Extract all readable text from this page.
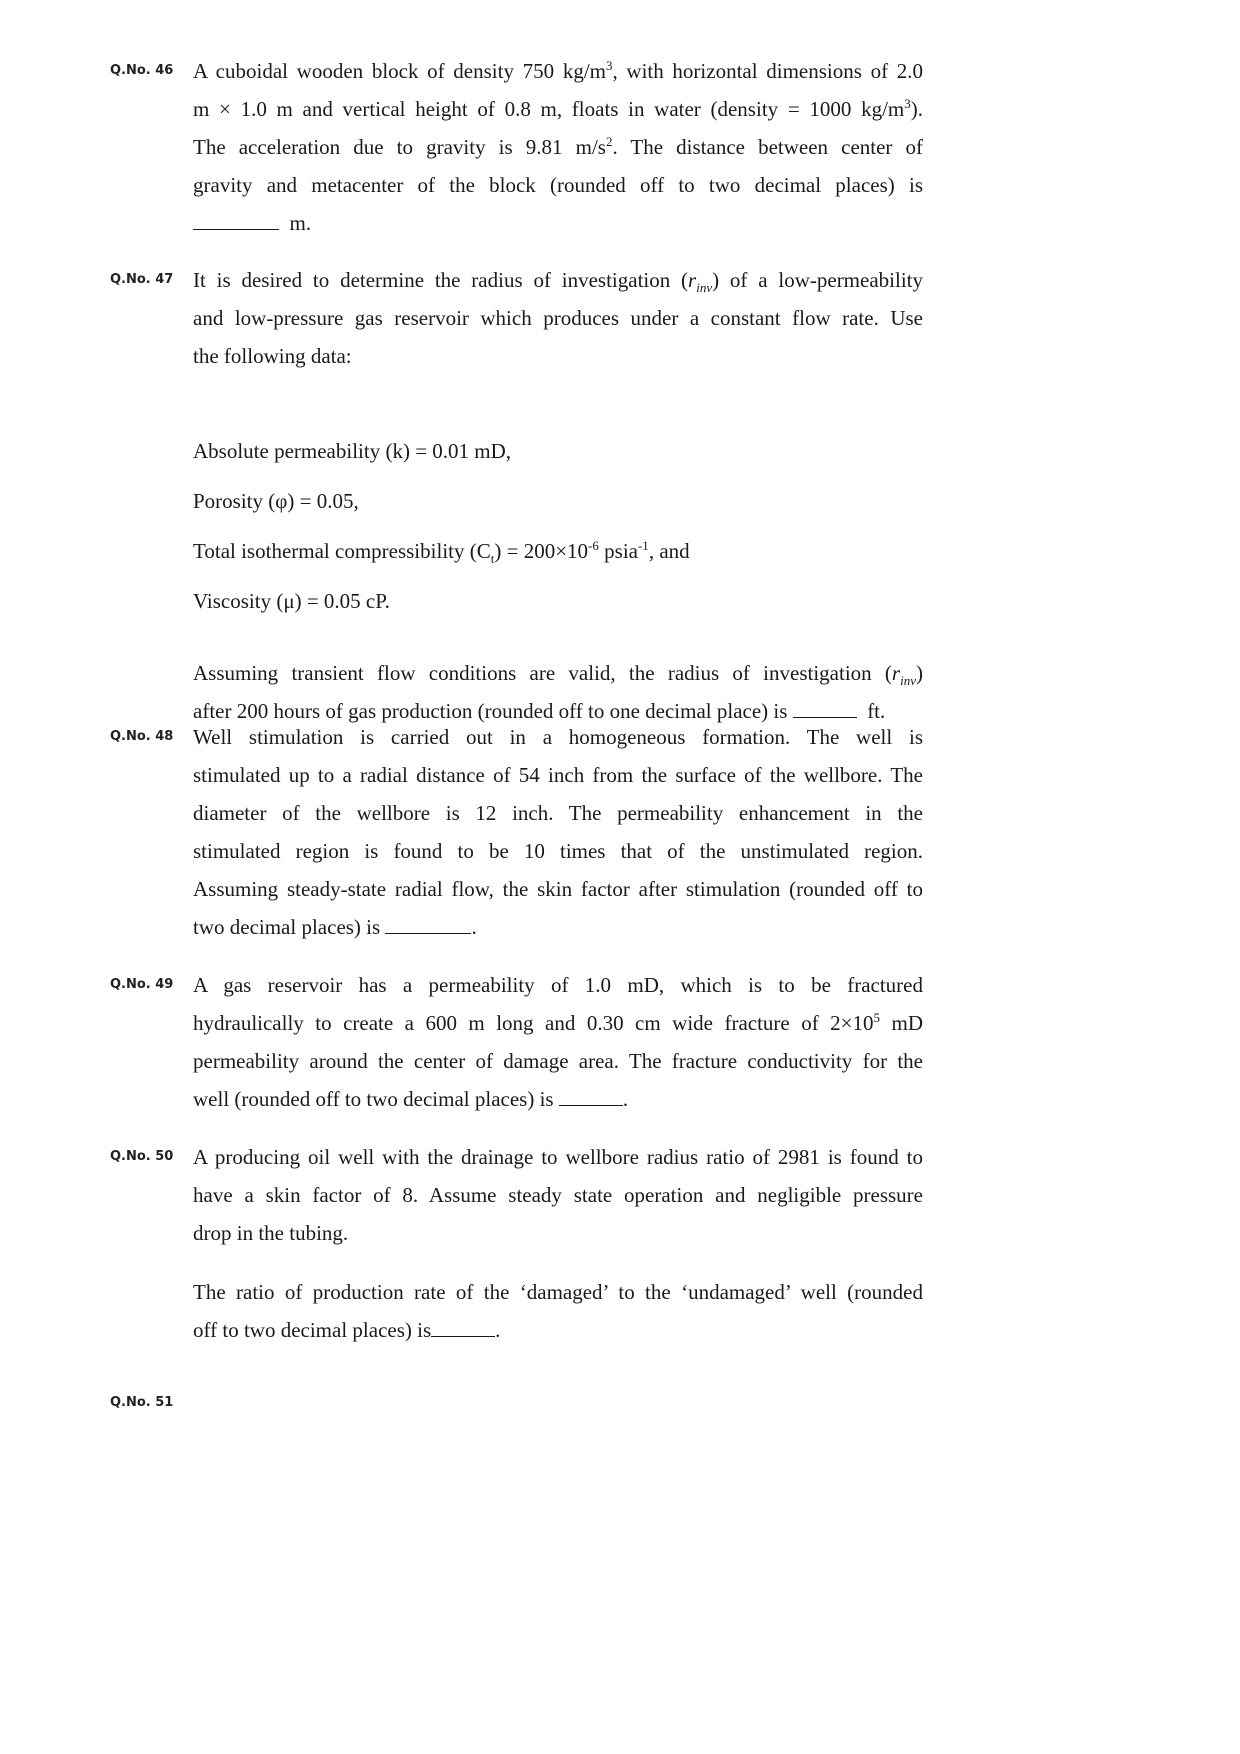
Q.No. 46 A cuboidal wooden block of density 750 $kg/m^3$, with horizontal dimensions of 2.0

m × 1.0 m and vertical height of 0.8 m, floats in water (density = 1000 $kg/m^3$).

The acceleration due to gravity is 9.81 $m/s^2$. The distance between center of

gravity and metacenter of the block (rounded off to two decimal places) is

m.

Q.No. 47 It is desired to determine the radius of investigation $(r_{inv})$ of a low-permeability

and low-pressure gas reservoir which produces under a constant flow rate. Use

the following data:

Absolute permeability (k) = 0.01 mD,

Porosity (φ) = 0.05,

Total isothermal compressibility $(C_t) = 200\times 10^{-6}$ psia$^{-1}$, and

Viscosity (μ) = 0.05 cP.

Assuming transient flow conditions are valid, the radius of investigation $(r_{inv})$

after 200 hours of gas production (rounded off to one decimal place) is	ft.

Q.No. 48 Well stimulation is carried out in a homogeneous formation. The well is

stimulated up to a radial distance of 54 inch from the surface of the wellbore. The

diameter of the wellbore is 12 inch. The permeability enhancement in the

stimulated region is found to be 10 times that of the unstimulated region.

Assuming steady-state radial flow, the skin factor after stimulation (rounded off to

two decimal places) is	.

Q.No. 49 A gas reservoir has a permeability of 1.0 mD, which is to be fractured

hydraulically to create a 600 m long and 0.30 cm wide fracture of $2\times 10^5$ mD

permeability around the center of damage area. The fracture conductivity for the

well (rounded off to two decimal places) is	.

Q.No. 50 A producing oil well with the drainage to wellbore radius ratio of 2981 is found to

have a skin factor of 8. Assume steady state operation and negligible pressure

drop in the tubing.

The ratio of production rate of the ‘damaged’ to the ‘undamaged’ well (rounded

off to two decimal places) is	.

Q.No. 51
